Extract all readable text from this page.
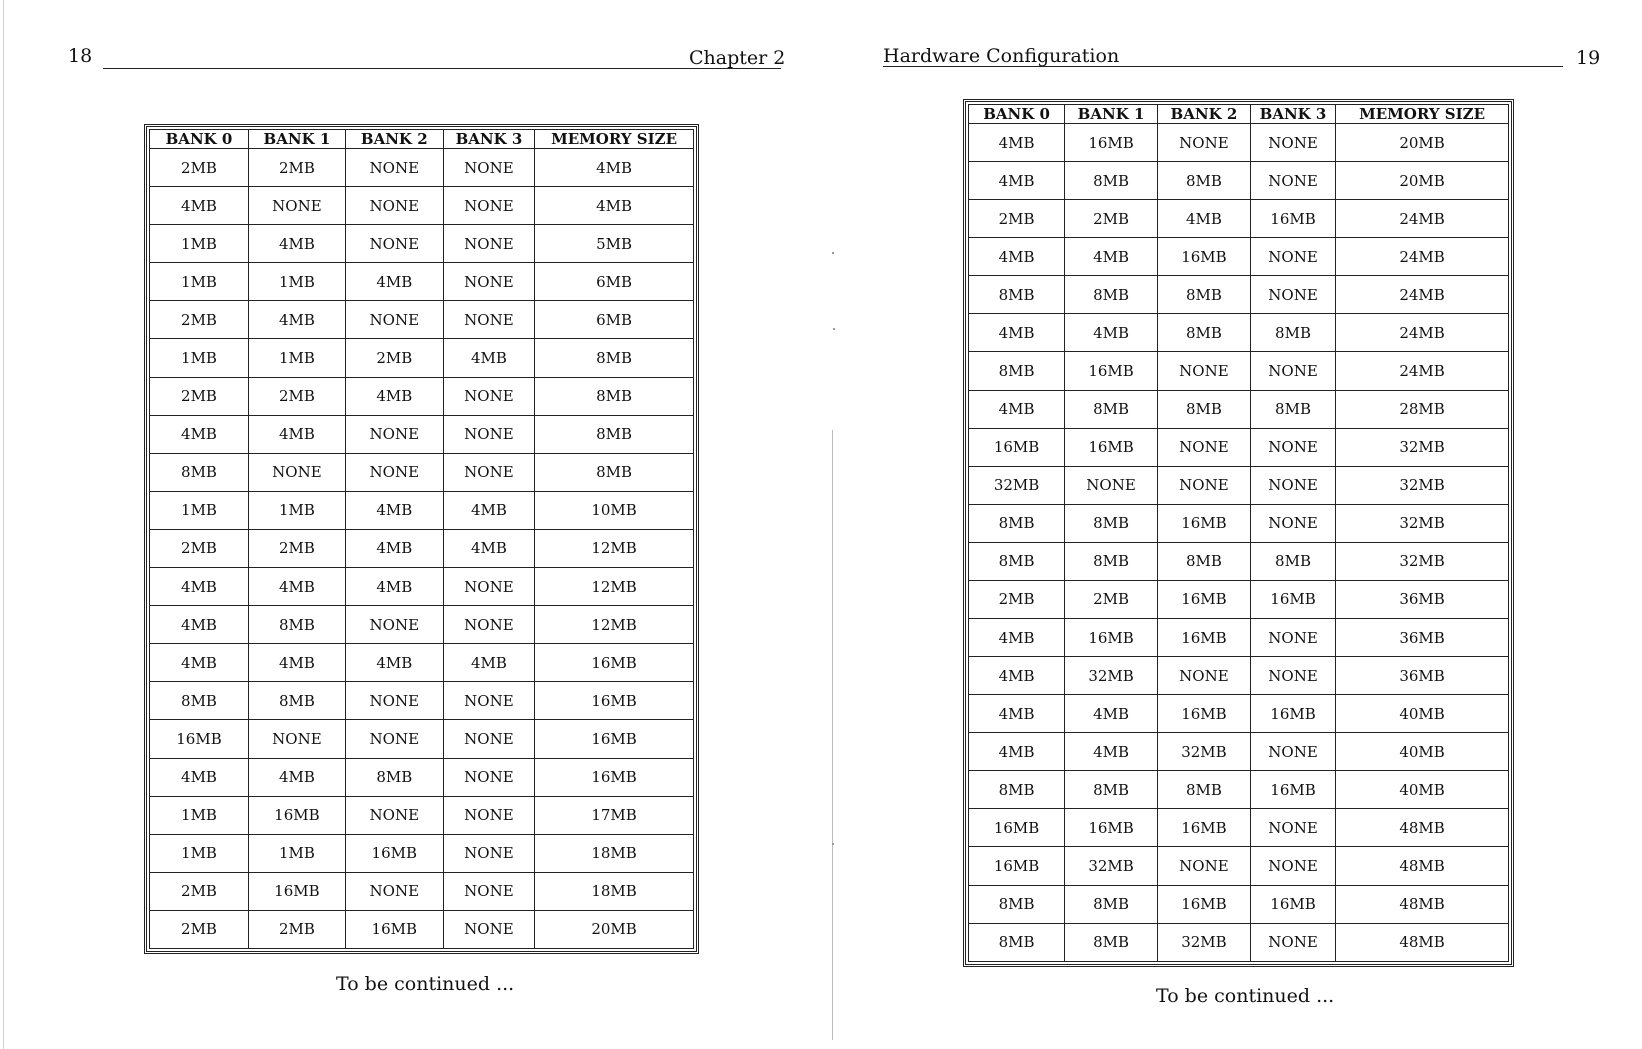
18	Chapter 2
BANK 0	BANK 1	BANK 2	BANK 3	MEMORY SIZE
2MB	2MB	NONE	NONE	4MB
4MB	NONE	NONE	NONE	4MB
1MB	4MB	NONE	NONE	5MB
1MB	1MB	4MB	NONE	6MB
2MB	4MB	NONE	NONE	6MB
1MB	1MB	2MB	4MB	8MB
2MB	2MB	4MB	NONE	8MB
4MB	4MB	NONE	NONE	8MB
8MB	NONE	NONE	NONE	8MB
1MB	1MB	4MB	4MB	10MB
2MB	2MB	4MB	4MB	12MB
4MB	4MB	4MB	NONE	12MB
4MB	8MB	NONE	NONE	12MB
4MB	4MB	4MB	4MB	16MB
8MB	8MB	NONE	NONE	16MB
16MB	NONE	NONE	NONE	16MB
4MB	4MB	8MB	NONE	16MB
1MB	16MB	NONE	NONE	17MB
1MB	1MB	16MB	NONE	18MB
2MB	16MB	NONE	NONE	18MB
2MB	2MB	16MB	NONE	20MB
To be continued ...
Hardware Configuration	19
BANK 0	BANK 1	BANK 2	BANK 3	MEMORY SIZE
4MB	16MB	NONE	NONE	20MB
4MB	8MB	8MB	NONE	20MB
2MB	2MB	4MB	16MB	24MB
4MB	4MB	16MB	NONE	24MB
8MB	8MB	8MB	NONE	24MB
4MB	4MB	8MB	8MB	24MB
8MB	16MB	NONE	NONE	24MB
4MB	8MB	8MB	8MB	28MB
16MB	16MB	NONE	NONE	32MB
32MB	NONE	NONE	NONE	32MB
8MB	8MB	16MB	NONE	32MB
8MB	8MB	8MB	8MB	32MB
2MB	2MB	16MB	16MB	36MB
4MB	16MB	16MB	NONE	36MB
4MB	32MB	NONE	NONE	36MB
4MB	4MB	16MB	16MB	40MB
4MB	4MB	32MB	NONE	40MB
8MB	8MB	8MB	16MB	40MB
16MB	16MB	16MB	NONE	48MB
16MB	32MB	NONE	NONE	48MB
8MB	8MB	16MB	16MB	48MB
8MB	8MB	32MB	NONE	48MB
To be continued ...
